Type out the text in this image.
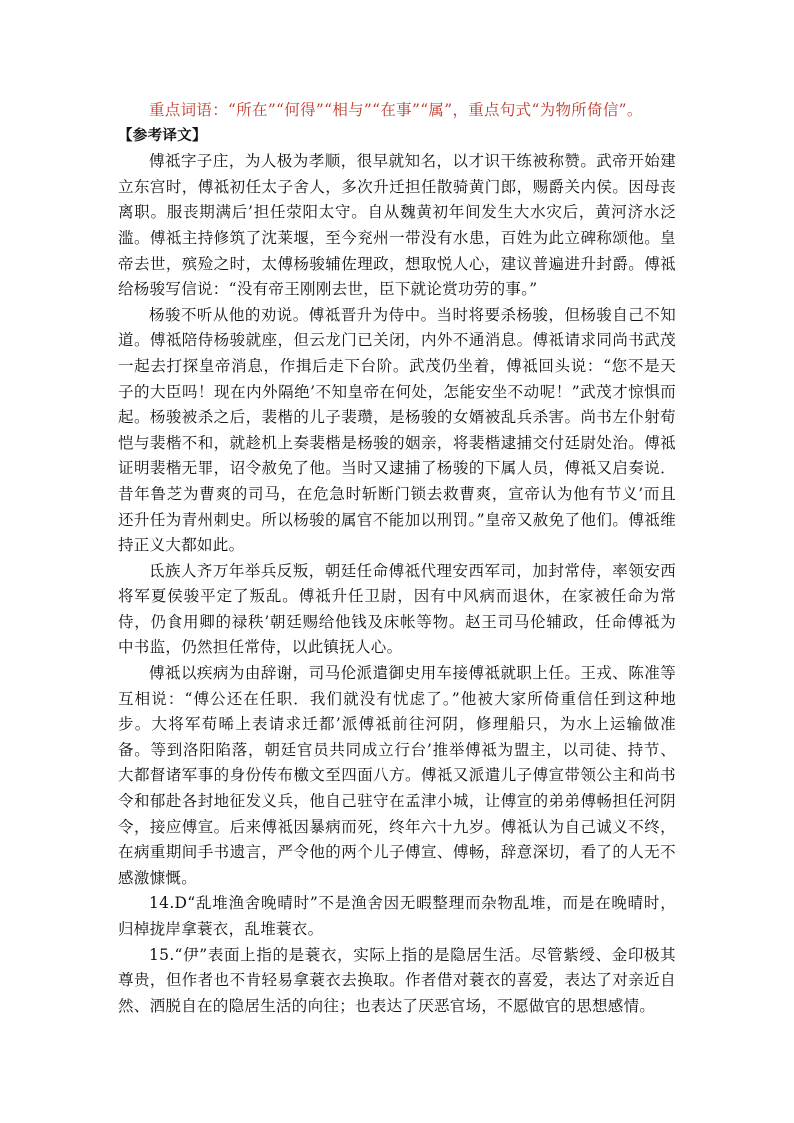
重点词语：“所在”“何得”“相与”“在事”“属”，重点句式“为物所倚信”。

【参考译文】

傅祗字子庄，为人极为孝顺，很早就知名，以才识干练被称赞。武帝开始建立东宫时，傅祗初任太子舍人，多次升迁担任散骑黄门郎，赐爵关内侯。因母丧离职。服丧期满后’担任荥阳太守。自从魏黄初年间发生大水灾后，黄河济水泛滥。傅祗主持修筑了沈莱堰，至今兖州一带没有水患，百姓为此立碑称颂他。皇帝去世，殡殓之时，太傅杨骏辅佐理政，想取悦人心，建议普遍进升封爵。傅祗给杨骏写信说：“没有帝王刚刚去世，臣下就论赏功劳的事。”

杨骏不听从他的劝说。傅祗晋升为侍中。当时将要杀杨骏，但杨骏自己不知道。傅祗陪侍杨骏就座，但云龙门已关闭，内外不通消息。傅祗请求同尚书武茂一起去打探皇帝消息，作揖后走下台阶。武茂仍坐着，傅祗回头说：“您不是天子的大臣吗！现在内外隔绝’不知皇帝在何处，怎能安坐不动呢！”武茂才惊惧而起。杨骏被杀之后，裴楷的儿子裴瓒，是杨骏的女婿被乱兵杀害。尚书左仆射荀恺与裴楷不和，就趁机上奏裴楷是杨骏的姻亲，将裴楷逮捕交付廷尉处治。傅祗证明裴楷无罪，诏令赦免了他。当时又逮捕了杨骏的下属人员，傅祗又启奏说．昔年鲁芝为曹爽的司马，在危急时斩断门锁去救曹爽，宣帝认为他有节义’而且还升任为青州刺史。所以杨骏的属官不能加以刑罚。”皇帝又赦免了他们。傅祗维持正义大都如此。

氐族人齐万年举兵反叛，朝廷任命傅祗代理安西军司，加封常侍，率领安西将军夏侯骏平定了叛乱。傅祗升任卫尉，因有中风病而退休，在家被任命为常侍，仍食用卿的禄秩’朝廷赐给他钱及床帐等物。赵王司马伦辅政，任命傅祗为中书监，仍然担任常侍，以此镇抚人心。

傅祗以疾病为由辞谢，司马伦派遣御史用车接傅祗就职上任。王戎、陈准等互相说：“傅公还在任职．我们就没有忧虑了。”他被大家所倚重信任到这种地步。大将军荀晞上表请求迁都’派傅祗前往河阴，修理船只，为水上运输做准备。等到洛阳陷落，朝廷官员共同成立行台’推举傅祗为盟主，以司徒、持节、大都督诸军事的身份传布檄文至四面八方。傅祗又派遣儿子傅宣带领公主和尚书令和郁赴各封地征发义兵，他自己驻守在孟津小城，让傅宣的弟弟傅畅担任河阴令，接应傅宣。后来傅祗因暴病而死，终年六十九岁。傅祗认为自己诚义不终，在病重期间手书遗言，严令他的两个儿子傅宣、傅畅，辞意深切，看了的人无不感激慷慨。

14.D“乱堆渔舍晚晴时”不是渔舍因无暇整理而杂物乱堆，而是在晚晴时，归棹拢岸拿蓑衣，乱堆蓑衣。

15.“伊”表面上指的是蓑衣，实际上指的是隐居生活。尽管紫绶、金印极其尊贵，但作者也不肯轻易拿蓑衣去换取。作者借对蓑衣的喜爱，表达了对亲近自然、洒脱自在的隐居生活的向往；也表达了厌恶官场，不愿做官的思想感情。
